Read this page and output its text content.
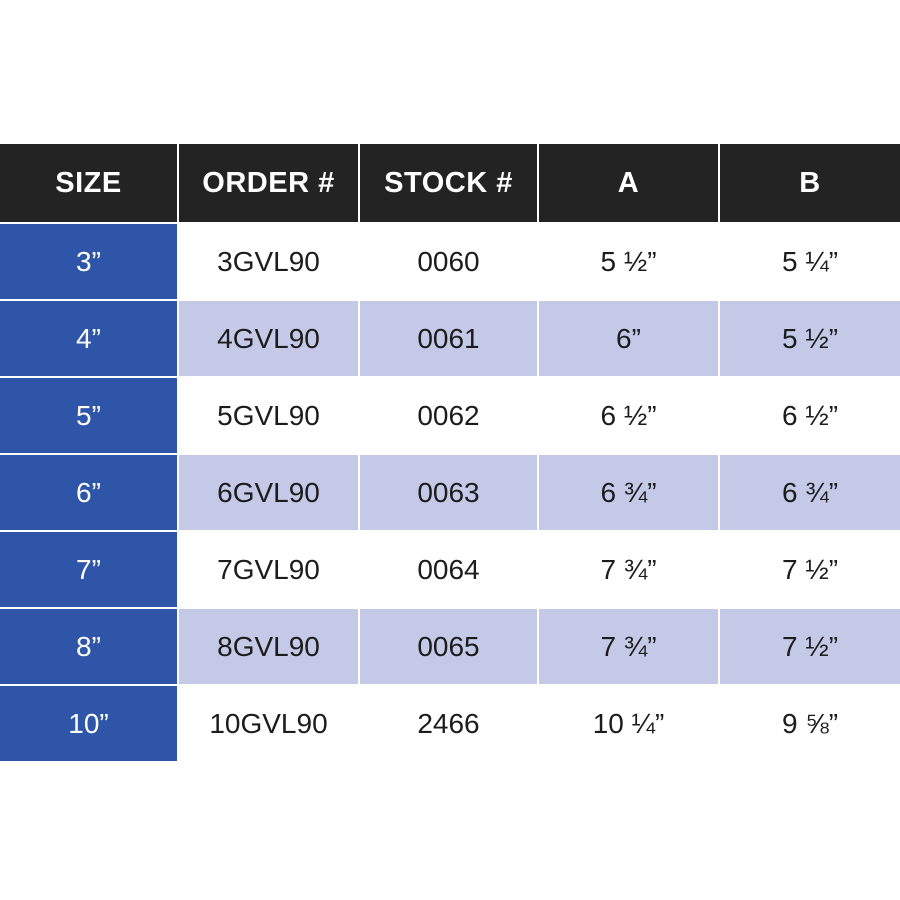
SIZE	ORDER #	STOCK #	A	B
3”	3GVL90	0060	5 ½”	5 ¼”
4”	4GVL90	0061	6”	5 ½”
5”	5GVL90	0062	6 ½”	6 ½”
6”	6GVL90	0063	6 ¾”	6 ¾”
7”	7GVL90	0064	7 ¾”	7 ½”
8”	8GVL90	0065	7 ¾”	7 ½”
10”	10GVL90	2466	10 ¼”	9 ⅝”
